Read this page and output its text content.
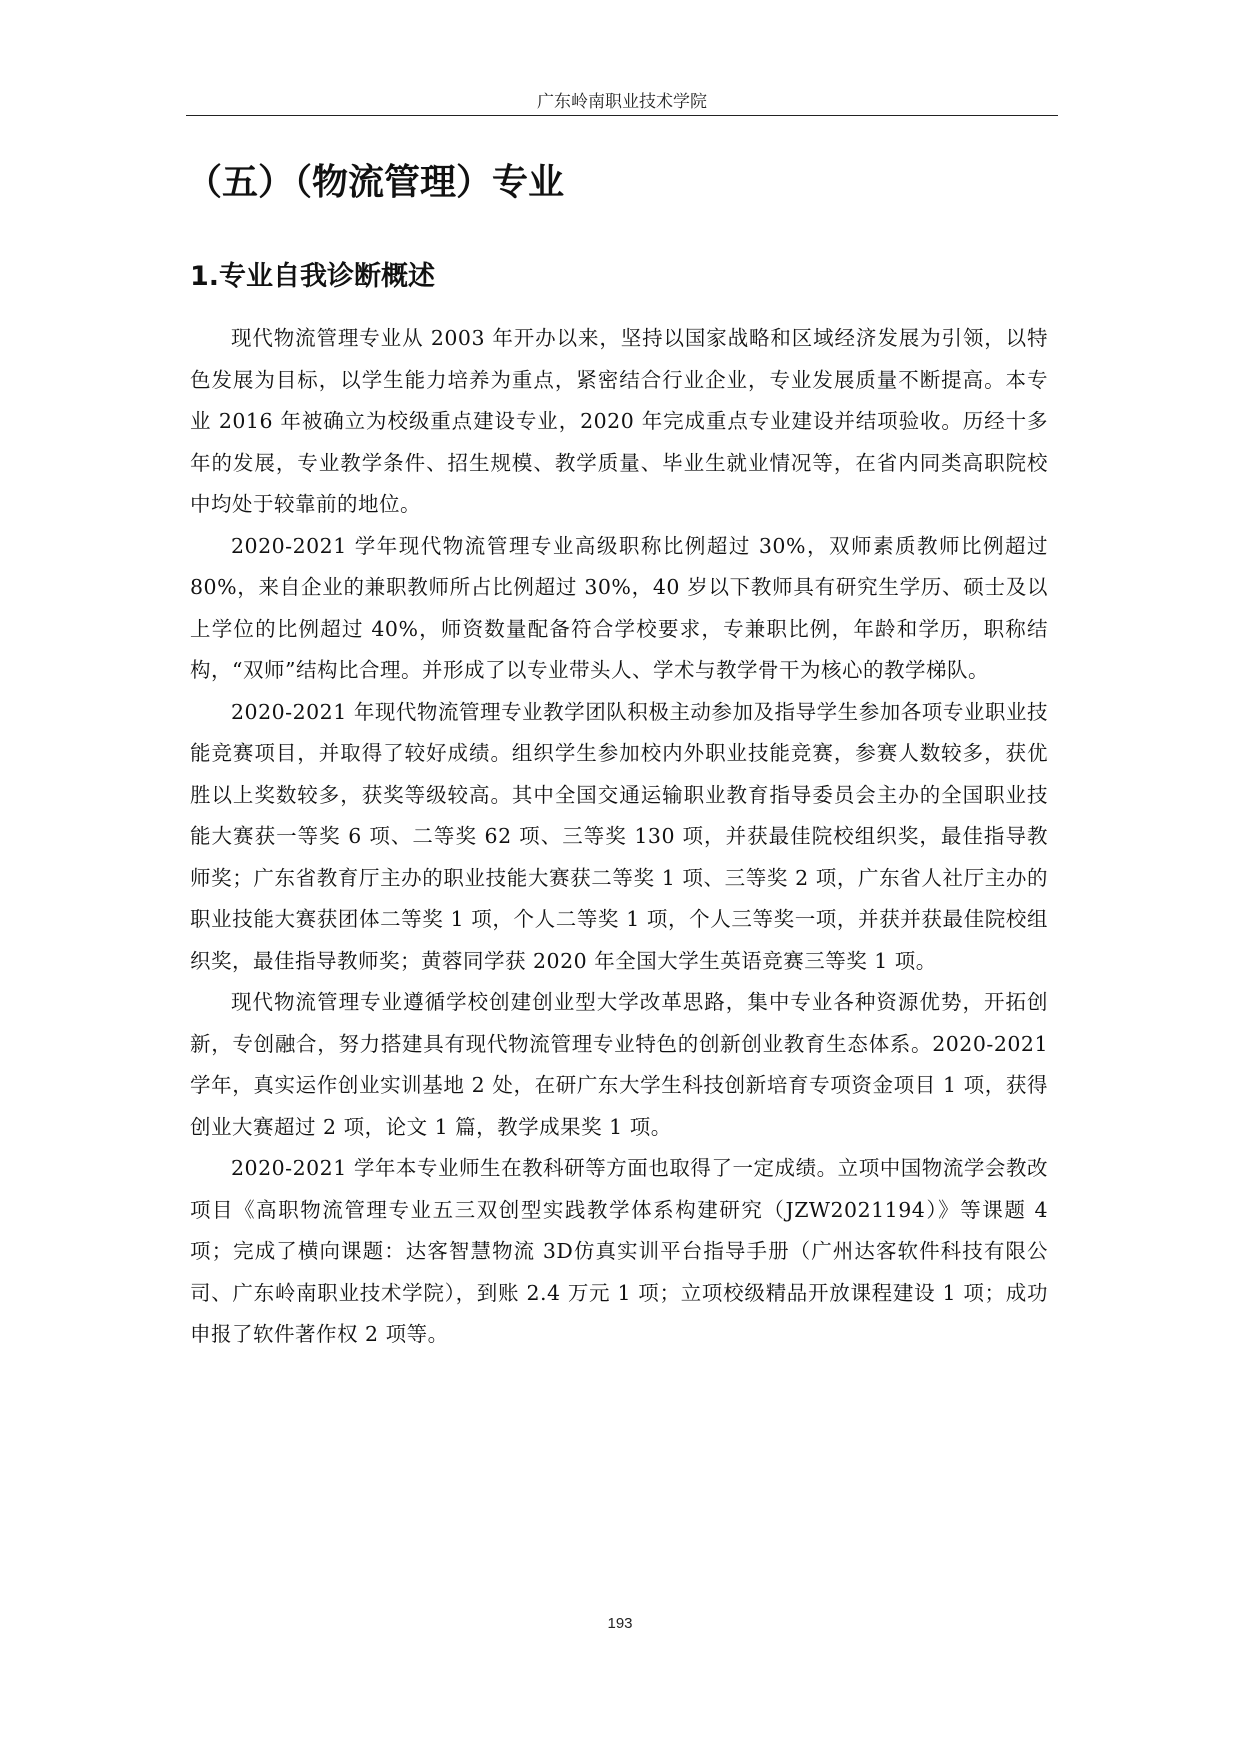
广东岭南职业技术学院
（五）（物流管理）专业
1.专业自我诊断概述

现代物流管理专业从 2003 年开办以来，坚持以国家战略和区域经济发展为引领，以特色发展为目标，以学生能力培养为重点，紧密结合行业企业，专业发展质量不断提高。本专业 2016 年被确立为校级重点建设专业，2020 年完成重点专业建设并结项验收。历经十多年的发展，专业教学条件、招生规模、教学质量、毕业生就业情况等，在省内同类高职院校中均处于较靠前的地位。

2020-2021 学年现代物流管理专业高级职称比例超过 30%，双师素质教师比例超过 80%，来自企业的兼职教师所占比例超过 30%，40 岁以下教师具有研究生学历、硕士及以上学位的比例超过 40%，师资数量配备符合学校要求，专兼职比例，年龄和学历，职称结构，“双师”结构比合理。并形成了以专业带头人、学术与教学骨干为核心的教学梯队。

2020-2021 年现代物流管理专业教学团队积极主动参加及指导学生参加各项专业职业技能竞赛项目，并取得了较好成绩。组织学生参加校内外职业技能竞赛，参赛人数较多，获优胜以上奖数较多，获奖等级较高。其中全国交通运输职业教育指导委员会主办的全国职业技能大赛获一等奖 6 项、二等奖 62 项、三等奖 130 项，并获最佳院校组织奖，最佳指导教师奖；广东省教育厅主办的职业技能大赛获二等奖 1 项、三等奖 2 项，广东省人社厅主办的职业技能大赛获团体二等奖 1 项，个人二等奖 1 项，个人三等奖一项，并获并获最佳院校组织奖，最佳指导教师奖；黄蓉同学获 2020 年全国大学生英语竞赛三等奖 1 项。

现代物流管理专业遵循学校创建创业型大学改革思路，集中专业各种资源优势，开拓创新，专创融合，努力搭建具有现代物流管理专业特色的创新创业教育生态体系。2020-2021 学年，真实运作创业实训基地 2 处，在研广东大学生科技创新培育专项资金项目 1 项，获得创业大赛超过 2 项，论文 1 篇，教学成果奖 1 项。

2020-2021 学年本专业师生在教科研等方面也取得了一定成绩。立项中国物流学会教改项目《高职物流管理专业五三双创型实践教学体系构建研究（JZW2021194）》等课题 4 项；完成了横向课题：达客智慧物流 3D仿真实训平台指导手册（广州达客软件科技有限公司、广东岭南职业技术学院），到账 2.4 万元 1 项；立项校级精品开放课程建设 1 项；成功申报了软件著作权 2 项等。

193
